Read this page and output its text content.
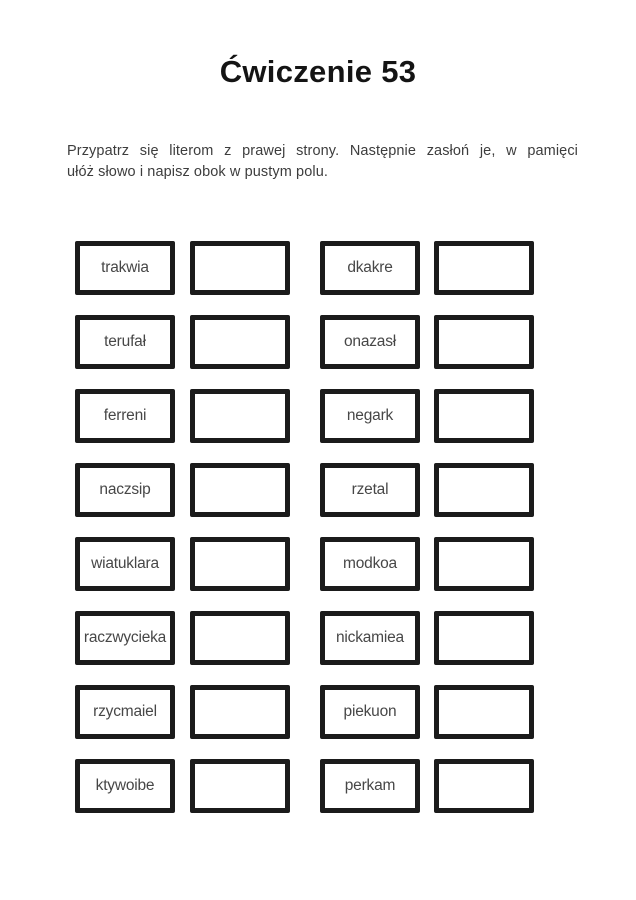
Ćwiczenie 53
Przypatrz się literom z prawej strony. Następnie zasłoń je, w pamięci
ułóż słowo i napisz obok w pustym polu.
trakwia	dkakre
terufał	onazasł
ferreni	negark
naczsip	rzetal
wiatuklara	modkoa
raczwycieka	nickamiea
rzycmaiel	piekuon
ktywoibe	perkam
